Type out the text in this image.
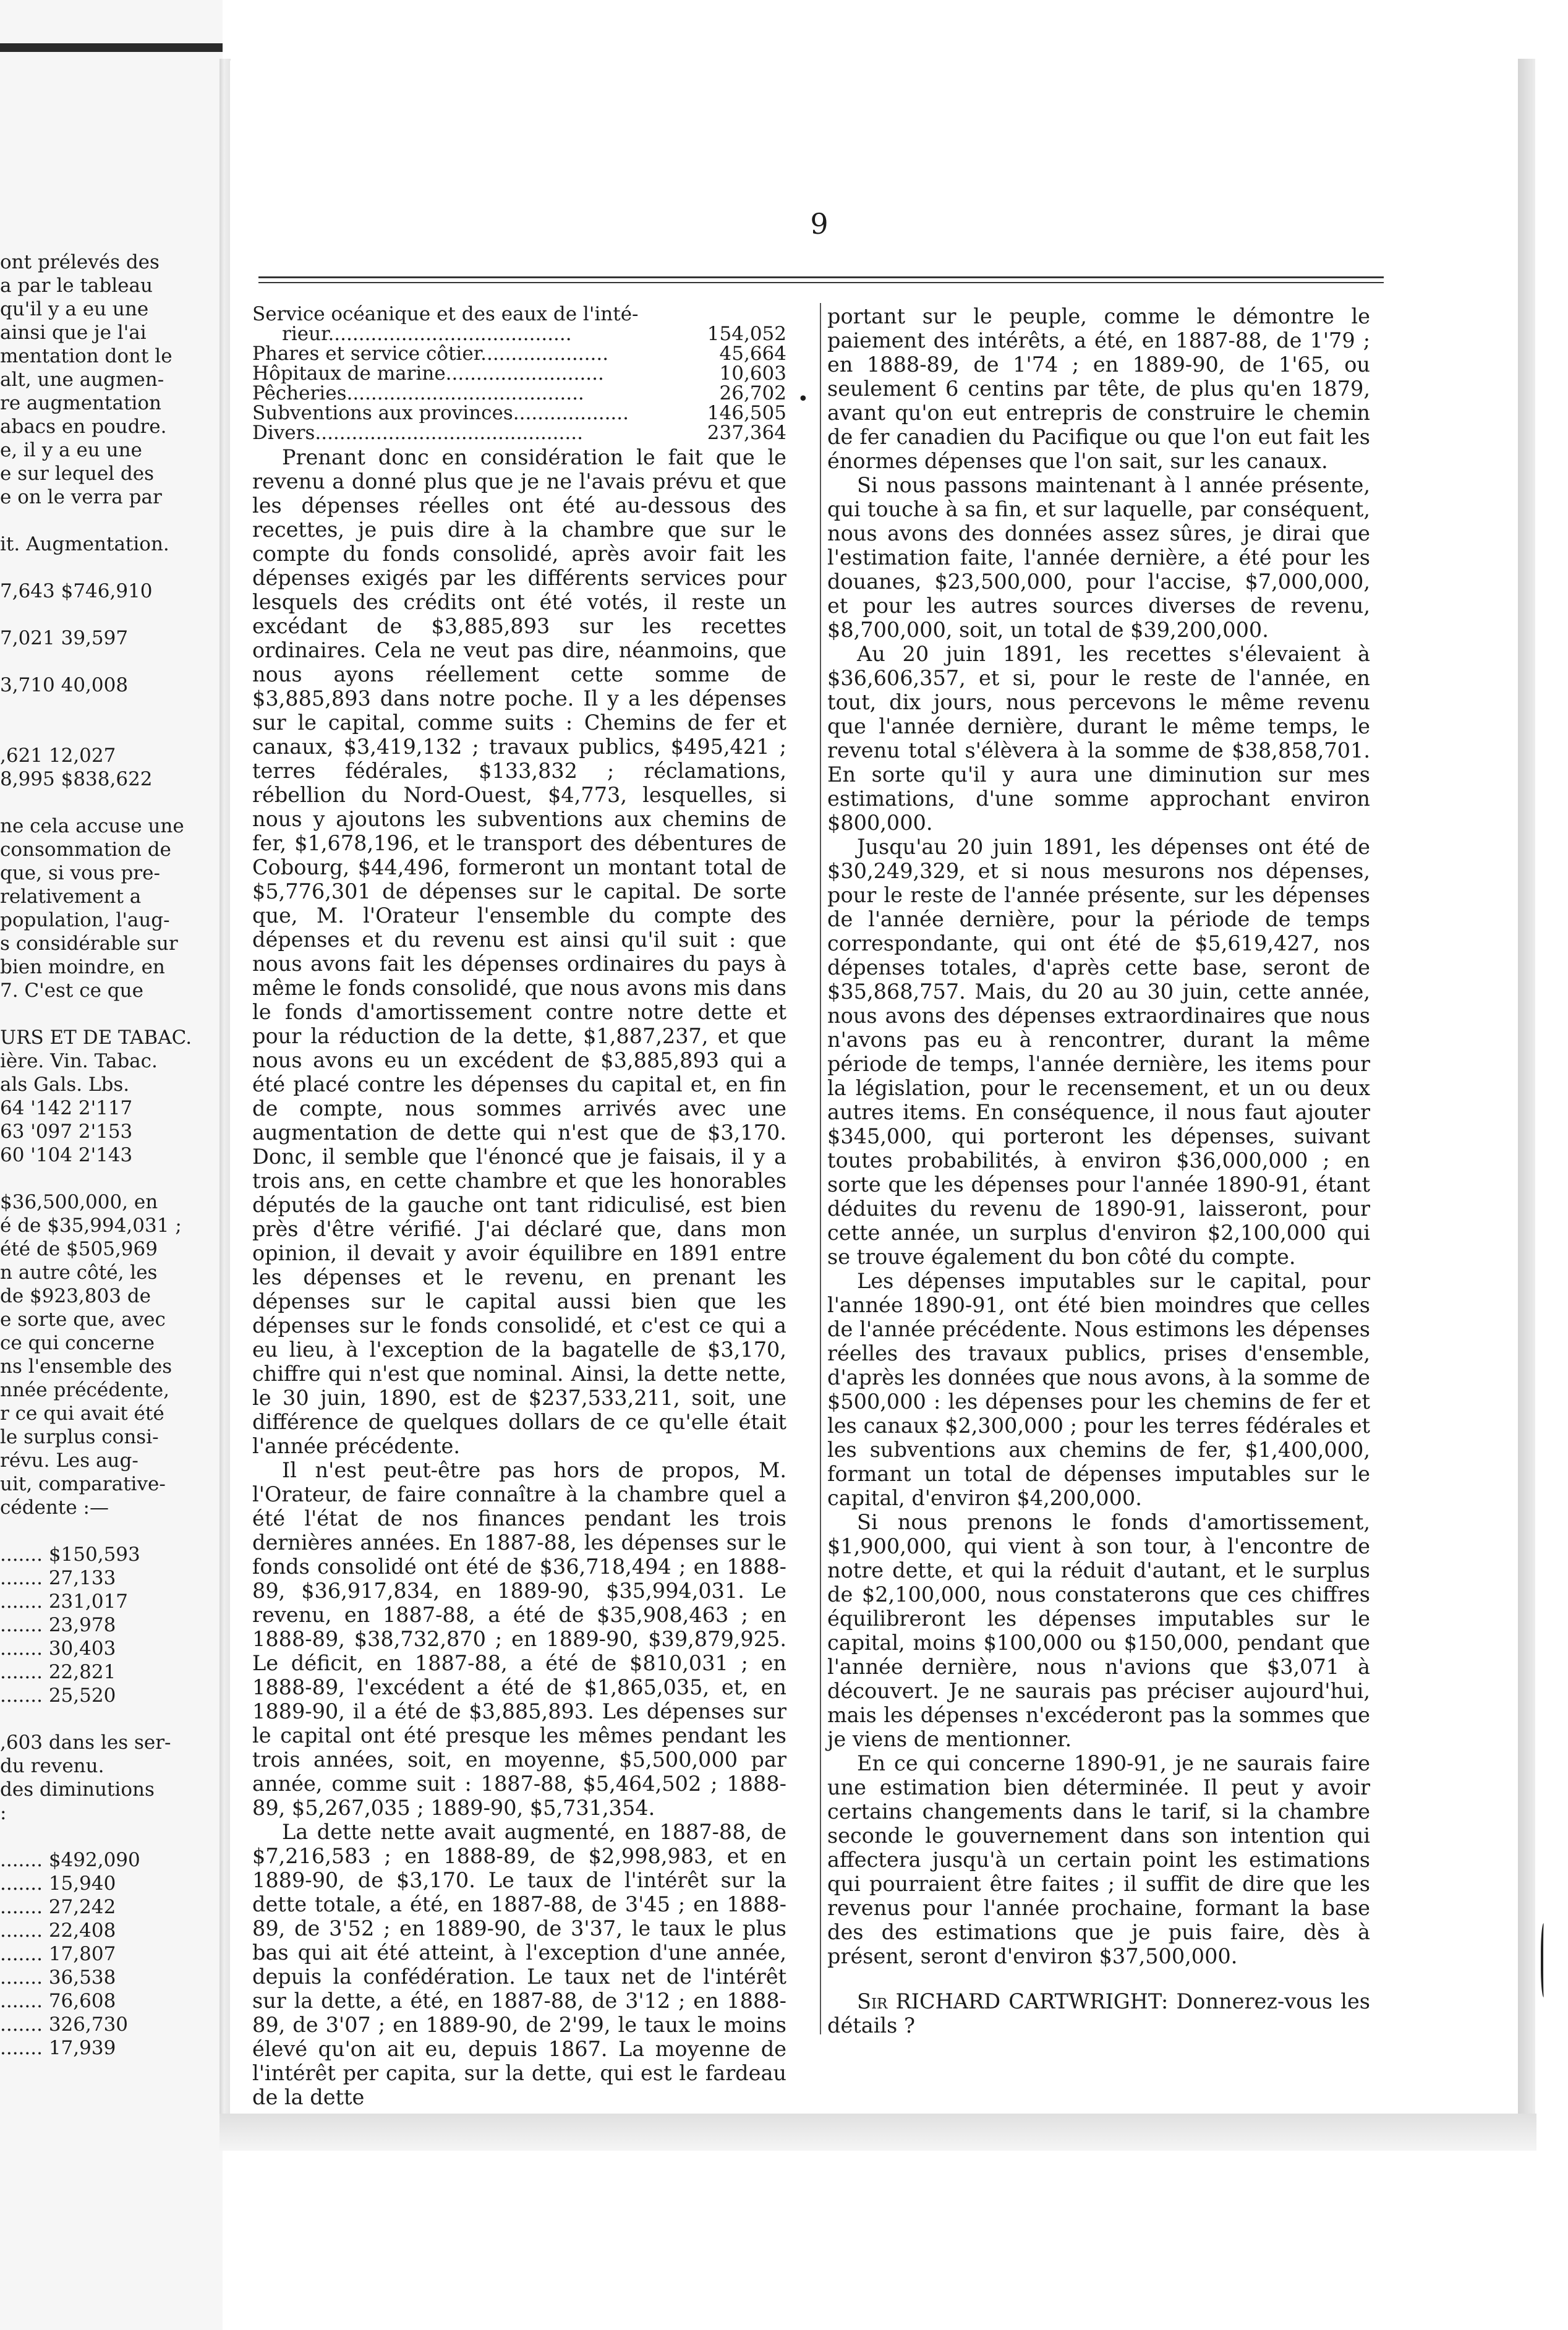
ont prélevés des

a par le tableau

qu'il y a eu une

ainsi que je l'ai

mentation dont le

alt, une augmen-

re augmentation

abacs en poudre.

e, il y a eu une

e sur lequel des

e on le verra par

it. Augmentation.

7,643 $746,910

7,021 39,597

3,710 40,008

,621 12,027

8,995 $838,622

ne cela accuse une

consommation de

que, si vous pre-

relativement a

population, l'aug-

s considérable sur

bien moindre, en

7. C'est ce que

URS ET DE TABAC.

ière. Vin. Tabac.

als Gals. Lbs.

64 '142 2'117

63 '097 2'153

60 '104 2'143

$36,500,000, en

é de $35,994,031 ;

été de $505,969

n autre côté, les

de $923,803 de

e sorte que, avec

ce qui concerne

ns l'ensemble des

nnée précédente,

r ce qui avait été

le surplus consi-

révu. Les aug-

uit, comparative-

cédente :—

....... $150,593

....... 27,133

....... 231,017

....... 23,978

....... 30,403

....... 22,821

....... 25,520

,603 dans les ser-

du revenu.

des diminutions

:

....... $492,090

....... 15,940

....... 27,242

....... 22,408

....... 17,807

....... 36,538

....... 76,608

....... 326,730

....... 17,939

9
Service océanique et des eaux de l'inté-
rieur........................................	154,052
Phares et service côtier.....................	45,664
Hôpitaux de marine..........................	10,603
Pêcheries.......................................	26,702
Subventions aux provinces...................	146,505
Divers............................................	237,364

Prenant donc en considération le fait que le revenu a donné plus que je ne l'avais prévu et que les dépenses réelles ont été au-dessous des recettes, je puis dire à la chambre que sur le compte du fonds consolidé, après avoir fait les dépenses exigés par les différents services pour lesquels des crédits ont été votés, il reste un excédant de $3,885,893 sur les recettes ordinaires. Cela ne veut pas dire, néanmoins, que nous ayons réellement cette somme de $3,885,893 dans notre poche. Il y a les dépenses sur le capital, comme suits : Chemins de fer et canaux, $3,419,132 ; travaux publics, $495,421 ; terres fédérales, $133,832 ; réclamations, rébellion du Nord-Ouest, $4,773, lesquelles, si nous y ajoutons les subventions aux chemins de fer, $1,678,196, et le transport des débentures de Cobourg, $44,496, formeront un montant total de $5,776,301 de dépenses sur le capital. De sorte que, M. l'Orateur l'ensemble du compte des dépenses et du revenu est ainsi qu'il suit : que nous avons fait les dépenses ordinaires du pays à même le fonds consolidé, que nous avons mis dans le fonds d'amortissement contre notre dette et pour la réduction de la dette, $1,887,237, et que nous avons eu un excédent de $3,885,893 qui a été placé contre les dépenses du capital et, en fin de compte, nous sommes arrivés avec une augmentation de dette qui n'est que de $3,170. Donc, il semble que l'énoncé que je faisais, il y a trois ans, en cette chambre et que les honorables députés de la gauche ont tant ridiculisé, est bien près d'être vérifié. J'ai déclaré que, dans mon opinion, il devait y avoir équilibre en 1891 entre les dépenses et le revenu, en prenant les dépenses sur le capital aussi bien que les dépenses sur le fonds consolidé, et c'est ce qui a eu lieu, à l'exception de la bagatelle de $3,170, chiffre qui n'est que nominal. Ainsi, la dette nette, le 30 juin, 1890, est de $237,533,211, soit, une différence de quelques dollars de ce qu'elle était l'année précédente.

Il n'est peut-être pas hors de propos, M. l'Orateur, de faire connaître à la chambre quel a été l'état de nos finances pendant les trois dernières années. En 1887-88, les dépenses sur le fonds consolidé ont été de $36,718,494 ; en 1888-89, $36,917,834, en 1889-90, $35,994,031. Le revenu, en 1887-88, a été de $35,908,463 ; en 1888-89, $38,732,870 ; en 1889-90, $39,879,925. Le déficit, en 1887-88, a été de $810,031 ; en 1888-89, l'excédent a été de $1,865,035, et, en 1889-90, il a été de $3,885,893. Les dépenses sur le capital ont été presque les mêmes pendant les trois années, soit, en moyenne, $5,500,000 par année, comme suit : 1887-88, $5,464,502 ; 1888-89, $5,267,035 ; 1889-90, $5,731,354.

La dette nette avait augmenté, en 1887-88, de $7,216,583 ; en 1888-89, de $2,998,983, et en 1889-90, de $3,170. Le taux de l'intérêt sur la dette totale, a été, en 1887-88, de 3'45 ; en 1888-89, de 3'52 ; en 1889-90, de 3'37, le taux le plus bas qui ait été atteint, à l'exception d'une année, depuis la confédération. Le taux net de l'intérêt sur la dette, a été, en 1887-88, de 3'12 ; en 1888-89, de 3'07 ; en 1889-90, de 2'99, le taux le moins élevé qu'on ait eu, depuis 1867. La moyenne de l'intérêt per capita, sur la dette, qui est le fardeau de la dette

portant sur le peuple, comme le démontre le paiement des intérêts, a été, en 1887-88, de 1'79 ; en 1888-89, de 1'74 ; en 1889-90, de 1'65, ou seulement 6 centins par tête, de plus qu'en 1879, avant qu'on eut entrepris de construire le chemin de fer canadien du Pacifique ou que l'on eut fait les énormes dépenses que l'on sait, sur les canaux.

Si nous passons maintenant à l année présente, qui touche à sa fin, et sur laquelle, par conséquent, nous avons des données assez sûres, je dirai que l'estimation faite, l'année dernière, a été pour les douanes, $23,500,000, pour l'accise, $7,000,000, et pour les autres sources diverses de revenu, $8,700,000, soit, un total de $39,200,000.

Au 20 juin 1891, les recettes s'élevaient à $36,606,357, et si, pour le reste de l'année, en tout, dix jours, nous percevons le même revenu que l'année dernière, durant le même temps, le revenu total s'élèvera à la somme de $38,858,701. En sorte qu'il y aura une diminution sur mes estimations, d'une somme approchant environ $800,000.

Jusqu'au 20 juin 1891, les dépenses ont été de $30,249,329, et si nous mesurons nos dépenses, pour le reste de l'année présente, sur les dépenses de l'année dernière, pour la période de temps correspondante, qui ont été de $5,619,427, nos dépenses totales, d'après cette base, seront de $35,868,757. Mais, du 20 au 30 juin, cette année, nous avons des dépenses extraordinaires que nous n'avons pas eu à rencontrer, durant la même période de temps, l'année dernière, les items pour la législation, pour le recensement, et un ou deux autres items. En conséquence, il nous faut ajouter $345,000, qui porteront les dépenses, suivant toutes probabilités, à environ $36,000,000 ; en sorte que les dépenses pour l'année 1890-91, étant déduites du revenu de 1890-91, laisseront, pour cette année, un surplus d'environ $2,100,000 qui se trouve également du bon côté du compte.

Les dépenses imputables sur le capital, pour l'année 1890-91, ont été bien moindres que celles de l'année précédente. Nous estimons les dépenses réelles des travaux publics, prises d'ensemble, d'après les données que nous avons, à la somme de $500,000 : les dépenses pour les chemins de fer et les canaux $2,300,000 ; pour les terres fédérales et les subventions aux chemins de fer, $1,400,000, formant un total de dépenses imputables sur le capital, d'environ $4,200,000.

Si nous prenons le fonds d'amortissement, $1,900,000, qui vient à son tour, à l'encontre de notre dette, et qui la réduit d'autant, et le surplus de $2,100,000, nous constaterons que ces chiffres équilibreront les dépenses imputables sur le capital, moins $100,000 ou $150,000, pendant que l'année dernière, nous n'avions que $3,071 à découvert. Je ne saurais pas préciser aujourd'hui, mais les dépenses n'excéderont pas la sommes que je viens de mentionner.

En ce qui concerne 1890-91, je ne saurais faire une estimation bien déterminée. Il peut y avoir certains changements dans le tarif, si la chambre seconde le gouvernement dans son intention qui affectera jusqu'à un certain point les estimations qui pourraient être faites ; il suffit de dire que les revenus pour l'année prochaine, formant la base des des estimations que je puis faire, dès à présent, seront d'environ $37,500,000.

Sir RICHARD CARTWRIGHT: Donnerez-vous les détails ?

•
